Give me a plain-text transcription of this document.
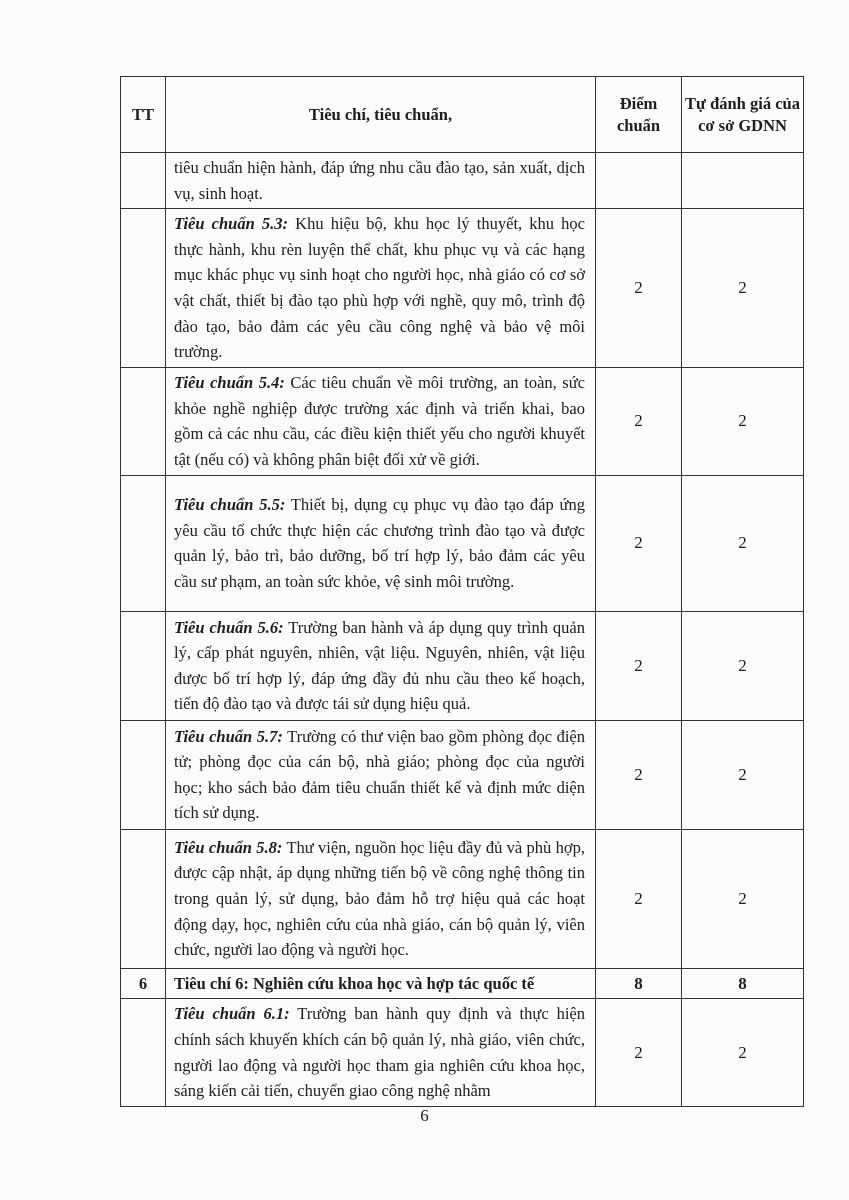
TT	Tiêu chí, tiêu chuẩn,	Điểm chuẩn	Tự đánh giá của cơ sở GDNN
	tiêu chuẩn hiện hành, đáp ứng nhu cầu đào tạo, sản xuất, dịch vụ, sinh hoạt.		
	Tiêu chuẩn 5.3: Khu hiệu bộ, khu học lý thuyết, khu học thực hành, khu rèn luyện thể chất, khu phục vụ và các hạng mục khác phục vụ sinh hoạt cho người học, nhà giáo có cơ sở vật chất, thiết bị đào tạo phù hợp với nghề, quy mô, trình độ đào tạo, bảo đảm các yêu cầu công nghệ và bảo vệ môi trường.	2	2
	Tiêu chuẩn 5.4: Các tiêu chuẩn về môi trường, an toàn, sức khỏe nghề nghiệp được trường xác định và triển khai, bao gồm cả các nhu cầu, các điều kiện thiết yếu cho người khuyết tật (nếu có) và không phân biệt đối xử về giới.	2	2
	Tiêu chuẩn 5.5: Thiết bị, dụng cụ phục vụ đào tạo đáp ứng yêu cầu tổ chức thực hiện các chương trình đào tạo và được quản lý, bảo trì, bảo dưỡng, bố trí hợp lý, bảo đảm các yêu cầu sư phạm, an toàn sức khỏe, vệ sinh môi trường.	2	2
	Tiêu chuẩn 5.6: Trường ban hành và áp dụng quy trình quản lý, cấp phát nguyên, nhiên, vật liệu. Nguyên, nhiên, vật liệu được bố trí hợp lý, đáp ứng đầy đủ nhu cầu theo kế hoạch, tiến độ đào tạo và được tái sử dụng hiệu quả.	2	2
	Tiêu chuẩn 5.7: Trường có thư viện bao gồm phòng đọc điện tử; phòng đọc của cán bộ, nhà giáo; phòng đọc của người học; kho sách bảo đảm tiêu chuẩn thiết kế và định mức diện tích sử dụng.	2	2
	Tiêu chuẩn 5.8: Thư viện, nguồn học liệu đầy đủ và phù hợp, được cập nhật, áp dụng những tiến bộ về công nghệ thông tin trong quản lý, sử dụng, bảo đảm hỗ trợ hiệu quả các hoạt động dạy, học, nghiên cứu của nhà giáo, cán bộ quản lý, viên chức, người lao động và người học.	2	2
6	Tiêu chí 6: Nghiên cứu khoa học và hợp tác quốc tế	8	8
	Tiêu chuẩn 6.1: Trường ban hành quy định và thực hiện chính sách khuyến khích cán bộ quản lý, nhà giáo, viên chức, người lao động và người học tham gia nghiên cứu khoa học, sáng kiến cải tiến, chuyển giao công nghệ nhằm	2	2
6
